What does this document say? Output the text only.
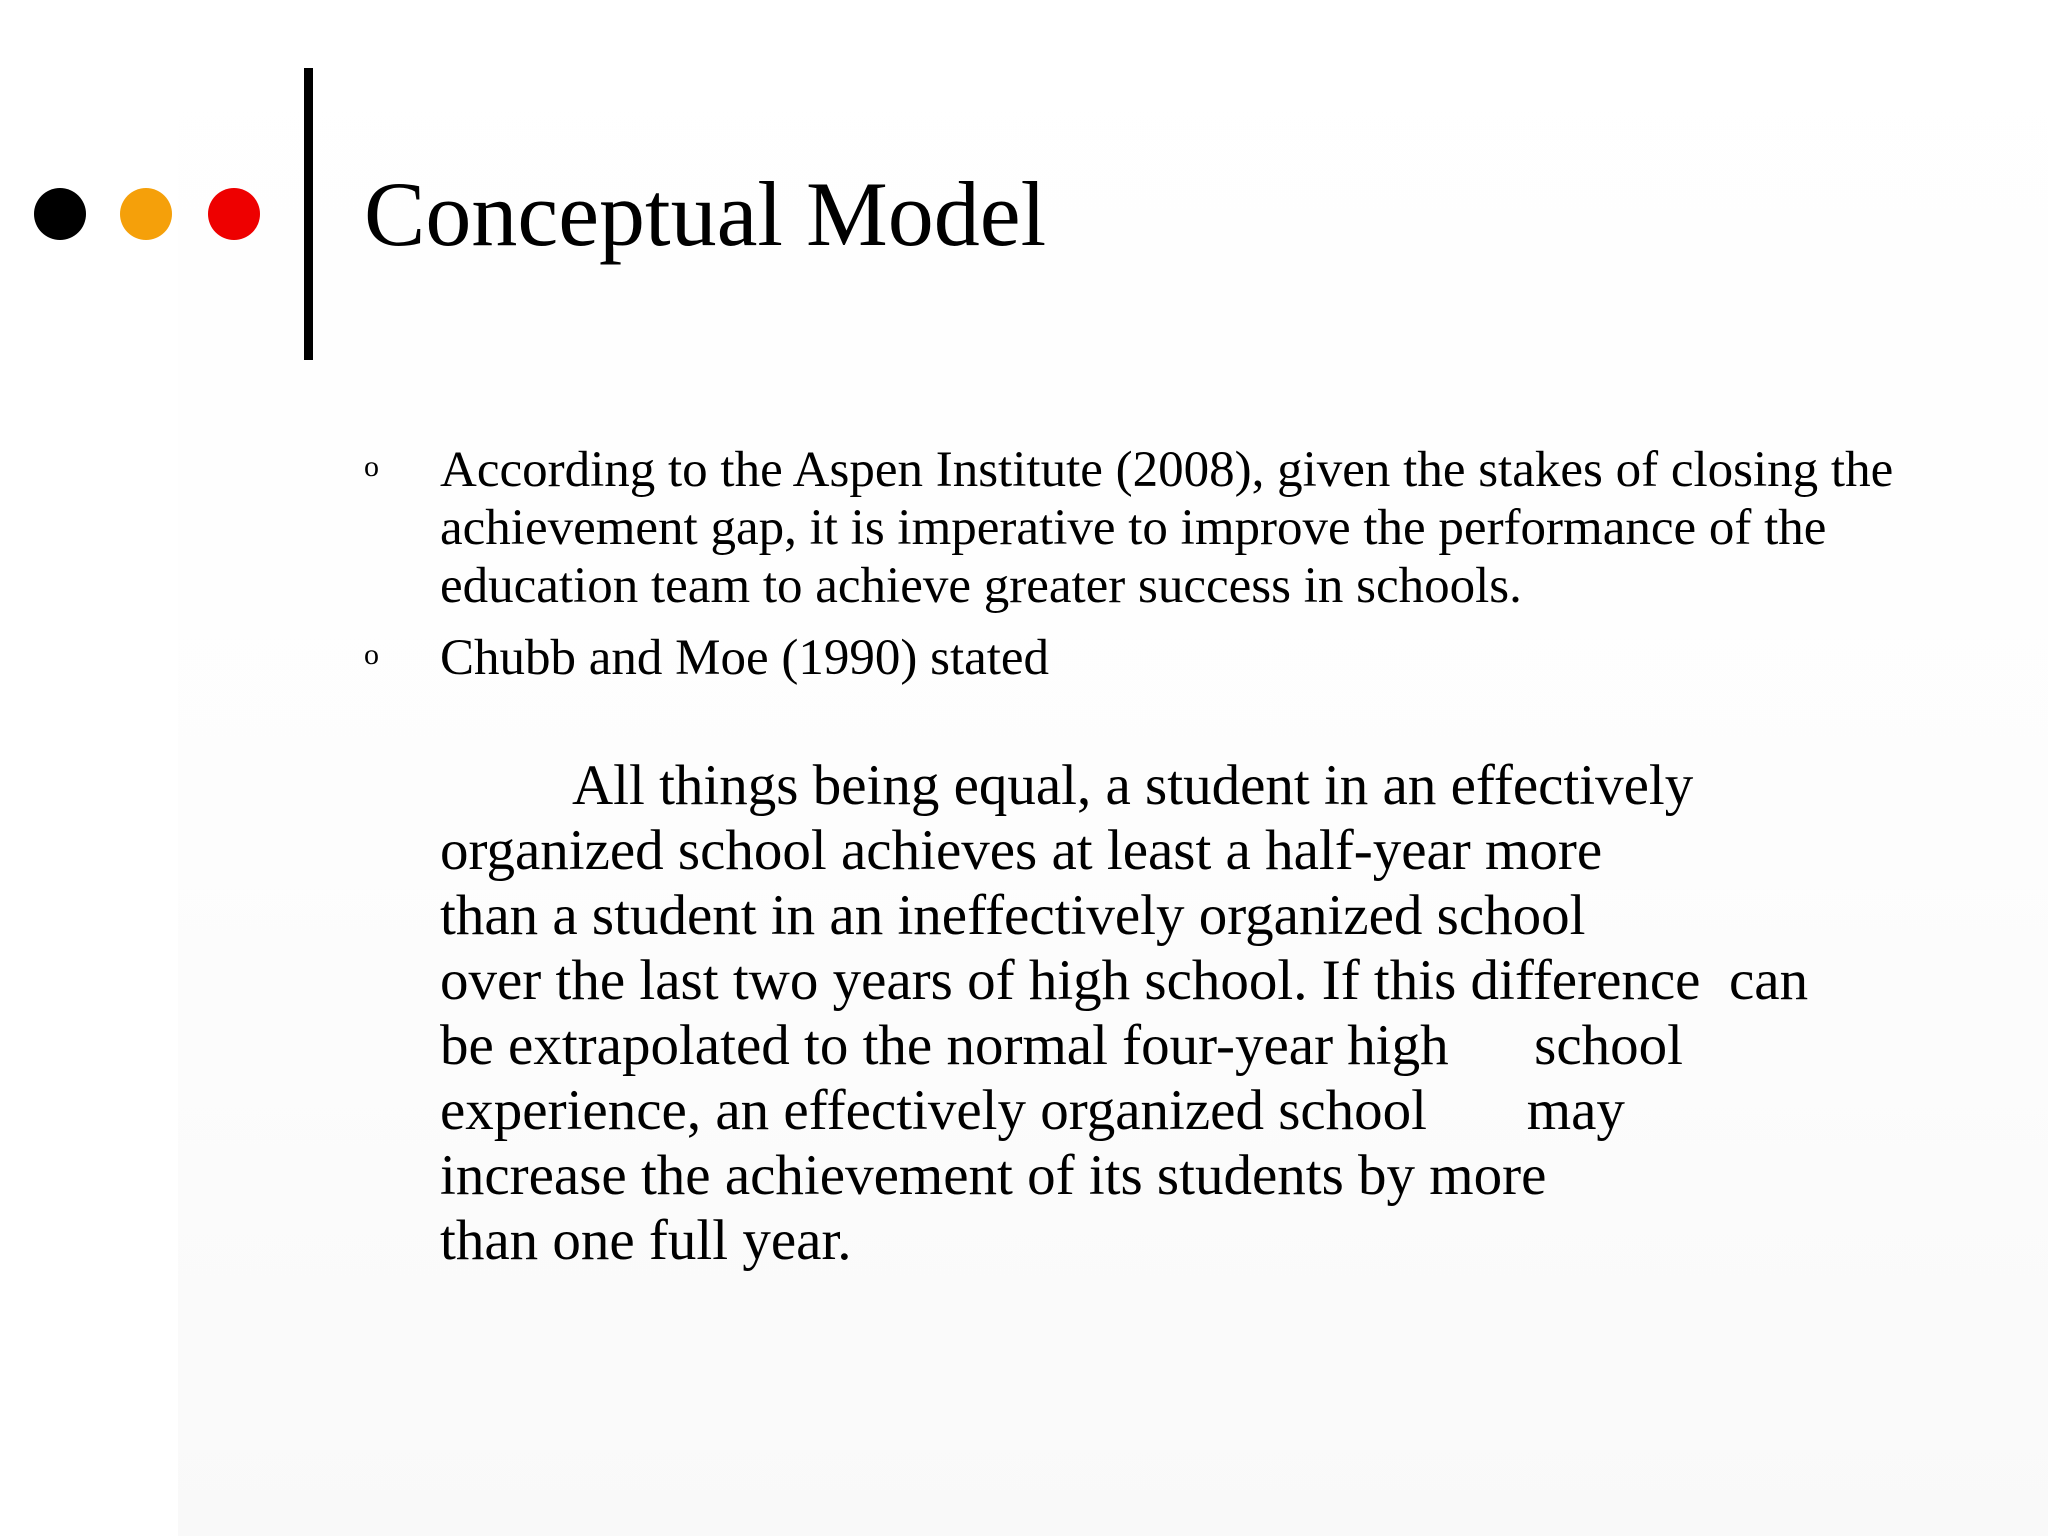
Conceptual Model
o According to the Aspen Institute (2008), given the stakes of closing the achievement gap, it is imperative to improve the performance of the education team to achieve greater success in schools.
o Chubb and Moe (1990) stated
All things being equal, a student in an effectively
organized school achieves at least a half-year more
than a student in an ineffectively organized school
over the last two years of high school. If this difference  can
be extrapolated to the normal four-year high      school
experience, an effectively organized school       may
increase the achievement of its students by more
than one full year.
